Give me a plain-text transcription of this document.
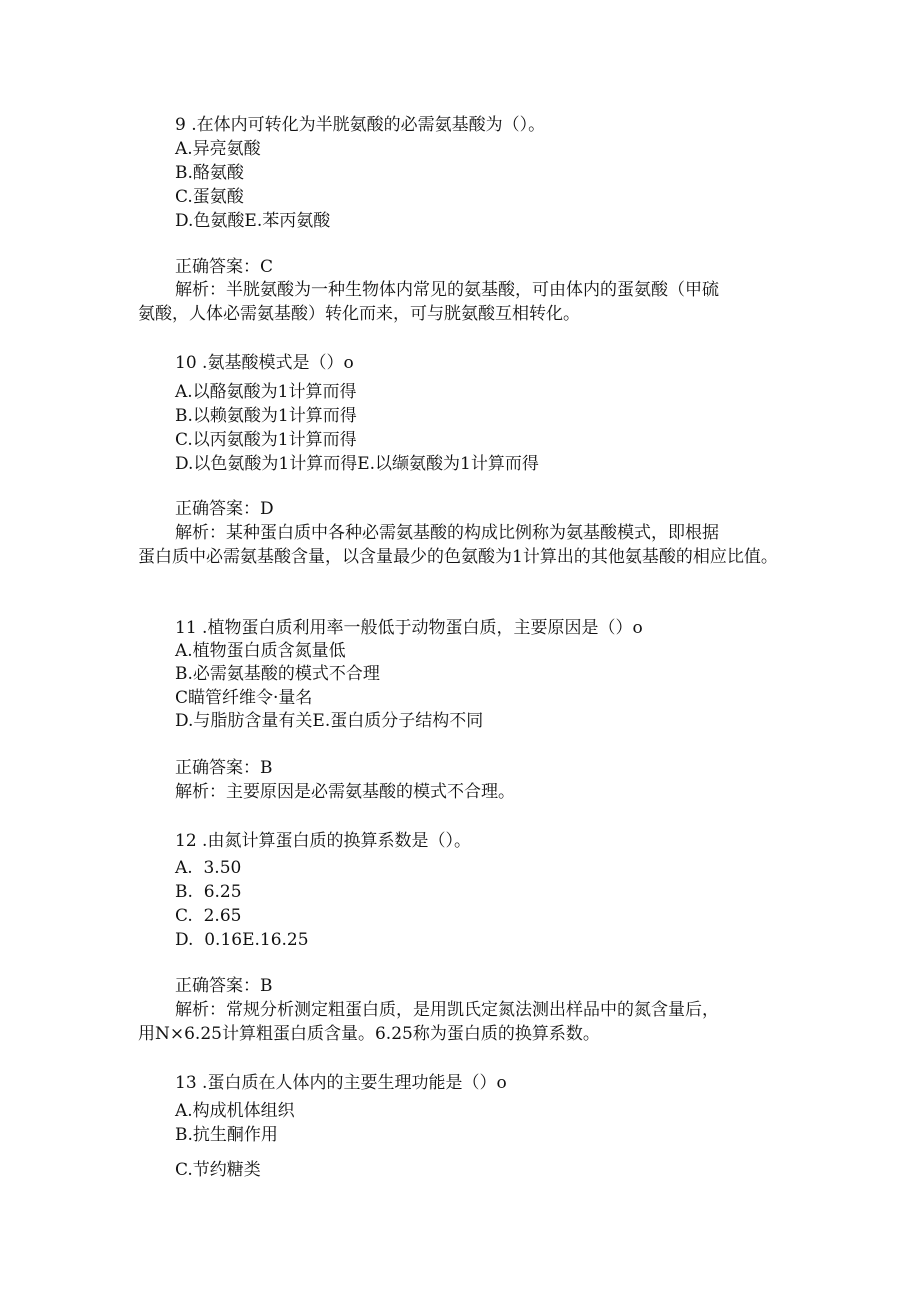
9 .在体内可转化为半胱氨酸的必需氨基酸为（）。
A.异亮氨酸
B.酪氨酸
C.蛋氨酸
D.色氨酸E.苯丙氨酸
正确答案：C
解析：半胱氨酸为一种生物体内常见的氨基酸，可由体内的蛋氨酸（甲硫
氨酸，人体必需氨基酸）转化而来，可与胱氨酸互相转化。
10 .氨基酸模式是（）o
A.以酪氨酸为1计算而得
B.以赖氨酸为1计算而得
C.以丙氨酸为1计算而得
D.以色氨酸为1计算而得E.以缬氨酸为1计算而得
正确答案：D
解析：某种蛋白质中各种必需氨基酸的构成比例称为氨基酸模式，即根据
蛋白质中必需氨基酸含量，以含量最少的色氨酸为1计算出的其他氨基酸的相应比值。
11 .植物蛋白质利用率一般低于动物蛋白质，主要原因是（）o
A.植物蛋白质含氮量低
B.必需氨基酸的模式不合理
C瞄管纤维令·量名
D.与脂肪含量有关E.蛋白质分子结构不同
正确答案：B
解析：主要原因是必需氨基酸的模式不合理。
12 .由氮计算蛋白质的换算系数是（）。
A.  3.50
B.  6.25
C.  2.65
D.  0.16E.16.25
正确答案：B
解析：常规分析测定粗蛋白质，是用凯氏定氮法测出样品中的氮含量后，
用N×6.25计算粗蛋白质含量。6.25称为蛋白质的换算系数。
13 .蛋白质在人体内的主要生理功能是（）o
A.构成机体组织
B.抗生酮作用
C.节约糖类
